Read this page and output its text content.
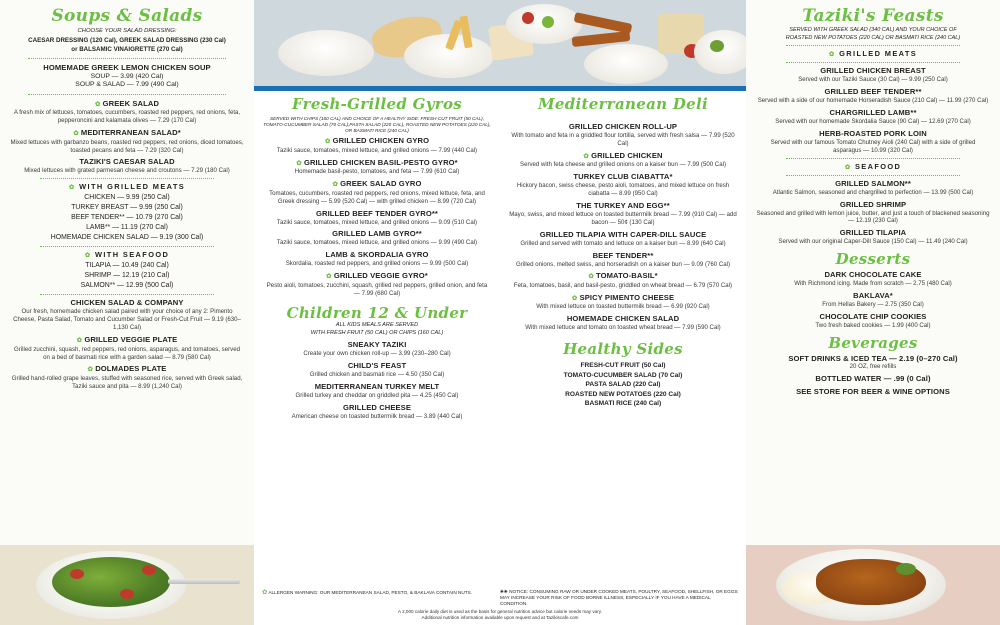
Soups & Salads
CHOOSE YOUR SALAD DRESSING:
CAESAR DRESSING (120 Cal), GREEK SALAD DRESSING (230 Cal)
or BALSAMIC VINAIGRETTE (270 Cal)
HOMEMADE GREEK LEMON CHICKEN SOUP
SOUP — 3.99 (420 Cal)
SOUP & SALAD — 7.99 (490 Cal)
✿ GREEK SALAD
A fresh mix of lettuces, tomatoes, cucumbers, roasted red peppers, red onions, feta, pepperoncini and kalamata olives — 7.29 (170 Cal)
✿ MEDITERRANEAN SALAD*
Mixed lettuces with garbanzo beans, roasted red peppers, red onions, diced tomatoes, toasted pecans and feta — 7.29 (320 Cal)
TAZIKI'S CAESAR SALAD
Mixed lettuces with grated parmesan cheese and croutons — 7.29 (180 Cal)
✿ WITH GRILLED MEATS
CHICKEN — 9.99 (250 Cal)
TURKEY BREAST — 9.99 (250 Cal)
BEEF TENDER** — 10.79 (270 Cal)
LAMB** — 11.19 (270 Cal)
HOMEMADE CHICKEN SALAD — 9.19 (300 Cal)
✿ WITH SEAFOOD
TILAPIA — 10.49 (240 Cal)
SHRIMP — 12.19 (210 Cal)
SALMON** — 12.99 (500 Cal)
CHICKEN SALAD & COMPANY
Our fresh, homemade chicken salad paired with your choice of any 2: Pimento Cheese, Pasta Salad, Tomato and Cucumber Salad or Fresh-Cut Fruit — 9.19 (630–1,130 Cal)
✿ GRILLED VEGGIE PLATE
Grilled zucchini, squash, red peppers, red onions, asparagus, and tomatoes, served on a bed of basmati rice with a garden salad — 8.79 (580 Cal)
✿ DOLMADES PLATE
Grilled hand-rolled grape leaves, stuffed with seasoned rice, served with Greek salad, Taziki sauce and pita — 8.99 (1,240 Cal)
Fresh-Grilled Gyros
SERVED WITH CHIPS (160 CAL) AND CHOICE OF A HEALTHY SIDE: FRESH-CUT FRUIT (50 CAL), TOMATO-CUCUMBER SALAD (70 CAL),PASTA SALAD (220 CAL), ROASTED NEW POTATOES (220 CAL), OR BASMATI RICE (240 CAL)
✿ GRILLED CHICKEN GYRO
Taziki sauce, tomatoes, mixed lettuce, and grilled onions — 7.99 (440 Cal)
✿ GRILLED CHICKEN BASIL-PESTO GYRO*
Homemade basil-pesto, tomatoes, and feta — 7.99 (610 Cal)
✿ GREEK SALAD GYRO
Tomatoes, cucumbers, roasted red peppers, red onions, mixed lettuce, feta, and Greek dressing — 5.99 (520 Cal) — with grilled chicken — 8.99 (720 Cal)
GRILLED BEEF TENDER GYRO**
Taziki sauce, tomatoes, mixed lettuce, and grilled onions — 9.09 (510 Cal)
GRILLED LAMB GYRO**
Taziki sauce, tomatoes, mixed lettuce, and grilled onions — 9.99 (490 Cal)
LAMB & SKORDALIA GYRO
Skordalia, roasted red peppers, and grilled onions — 9.99 (500 Cal)
✿ GRILLED VEGGIE GYRO*
Pesto aioli, tomatoes, zucchini, squash, grilled red peppers, grilled onion, and feta — 7.99 (680 Cal)
Children 12 & Under
ALL KIDS MEALS ARE SERVED
WITH FRESH FRUIT (50 CAL) OR CHIPS (160 CAL)
SNEAKY TAZIKI
Create your own chicken roll-up — 3.99 (230–280 Cal)
CHILD'S FEAST
Grilled chicken and basmati rice — 4.50 (350 Cal)
MEDITERRANEAN TURKEY MELT
Grilled turkey and cheddar on griddled pita — 4.25 (450 Cal)
GRILLED CHEESE
American cheese on toasted buttermilk bread — 3.89 (440 Cal)
Mediterranean Deli
GRILLED CHICKEN ROLL-UP
With tomato and feta in a griddled flour tortilla, served with fresh salsa — 7.99 (520 Cal)
✿ GRILLED CHICKEN
Served with feta cheese and grilled onions on a kaiser bun — 7.99 (500 Cal)
TURKEY CLUB CIABATTA*
Hickory bacon, swiss cheese, pesto aioli, tomatoes, and mixed lettuce on fresh ciabatta — 8.99 (950 Cal)
THE TURKEY AND EGG**
Mayo, swiss, and mixed lettuce on toasted buttermilk bread — 7.99 (910 Cal) — add bacon — 50¢ (130 Cal)
GRILLED TILAPIA WITH CAPER-DILL SAUCE
Grilled and served with tomato and lettuce on a kaiser bun — 8.99 (640 Cal)
BEEF TENDER**
Grilled onions, melted swiss, and horseradish on a kaiser bun — 9.09 (760 Cal)
✿ TOMATO-BASIL*
Feta, tomatoes, basil, and basil-pesto, griddled on wheat bread — 6.79 (570 Cal)
✿ SPICY PIMENTO CHEESE
With mixed lettuce on toasted buttermilk bread — 6.99 (920 Cal)
HOMEMADE CHICKEN SALAD
With mixed lettuce and tomato on toasted wheat bread — 7.99 (590 Cal)
Healthy Sides
FRESH-CUT FRUIT (50 Cal)
TOMATO-CUCUMBER SALAD (70 Cal)
PASTA SALAD (220 Cal)
ROASTED NEW POTATOES (220 Cal)
BASMATI RICE (240 Cal)
✿ ALLERGEN WARNING: OUR MEDITERRANEAN SALAD, PESTO, & BAKLAVA CONTAIN NUTS.	✳✳ NOTICE: CONSUMING RAW OR UNDER COOKED MEATS, POULTRY, SEAFOOD, SHELLFISH, OR EGGS MAY INCREASE YOUR RISK OF FOOD BORNE ILLNESS, ESPECIALLY IF YOU HAVE A MEDICAL CONDITION.
A 2,000 calorie daily diet is used as the basis for general nutrition advice but calorie needs may vary.
Additional nutrition information available upon request and at Tazikiscafe.com
Taziki's Feasts
SERVED WITH GREEK SALAD (340 CAL) AND YOUR CHOICE OF
ROASTED NEW POTATOES (220 CAL) OR BASMATI RICE (240 CAL)
✿ GRILLED MEATS
GRILLED CHICKEN BREAST
Served with our Taziki Sauce (30 Cal) — 9.99 (250 Cal)
GRILLED BEEF TENDER**
Served with a side of our homemade Horseradish Sauce (210 Cal) — 11.99 (270 Cal)
CHARGRILLED LAMB**
Served with our homemade Skordalia Sauce (90 Cal) — 12.69 (270 Cal)
HERB-ROASTED PORK LOIN
Served with our famous Tomato Chutney Aioli (240 Cal) with a side of grilled asparagus — 10.99 (320 Cal)
✿ SEAFOOD
GRILLED SALMON**
Atlantic Salmon, seasoned and chargrilled to perfection — 13.99 (500 Cal)
GRILLED SHRIMP
Seasoned and grilled with lemon juice, butter, and just a touch of blackened seasoning — 12.19 (230 Cal)
GRILLED TILAPIA
Served with our original Caper-Dill Sauce (150 Cal) — 11.49 (240 Cal)
Desserts
DARK CHOCOLATE CAKE
With Richmond icing. Made from scratch — 2.75 (480 Cal)
BAKLAVA*
From Hellas Bakery — 2.75 (350 Cal)
CHOCOLATE CHIP COOKIES
Two fresh baked cookies — 1.99 (400 Cal)
Beverages
SOFT DRINKS & ICED TEA — 2.19 (0–270 Cal)
20 OZ, free refills
BOTTLED WATER — .99 (0 Cal)
SEE STORE FOR BEER & WINE OPTIONS
